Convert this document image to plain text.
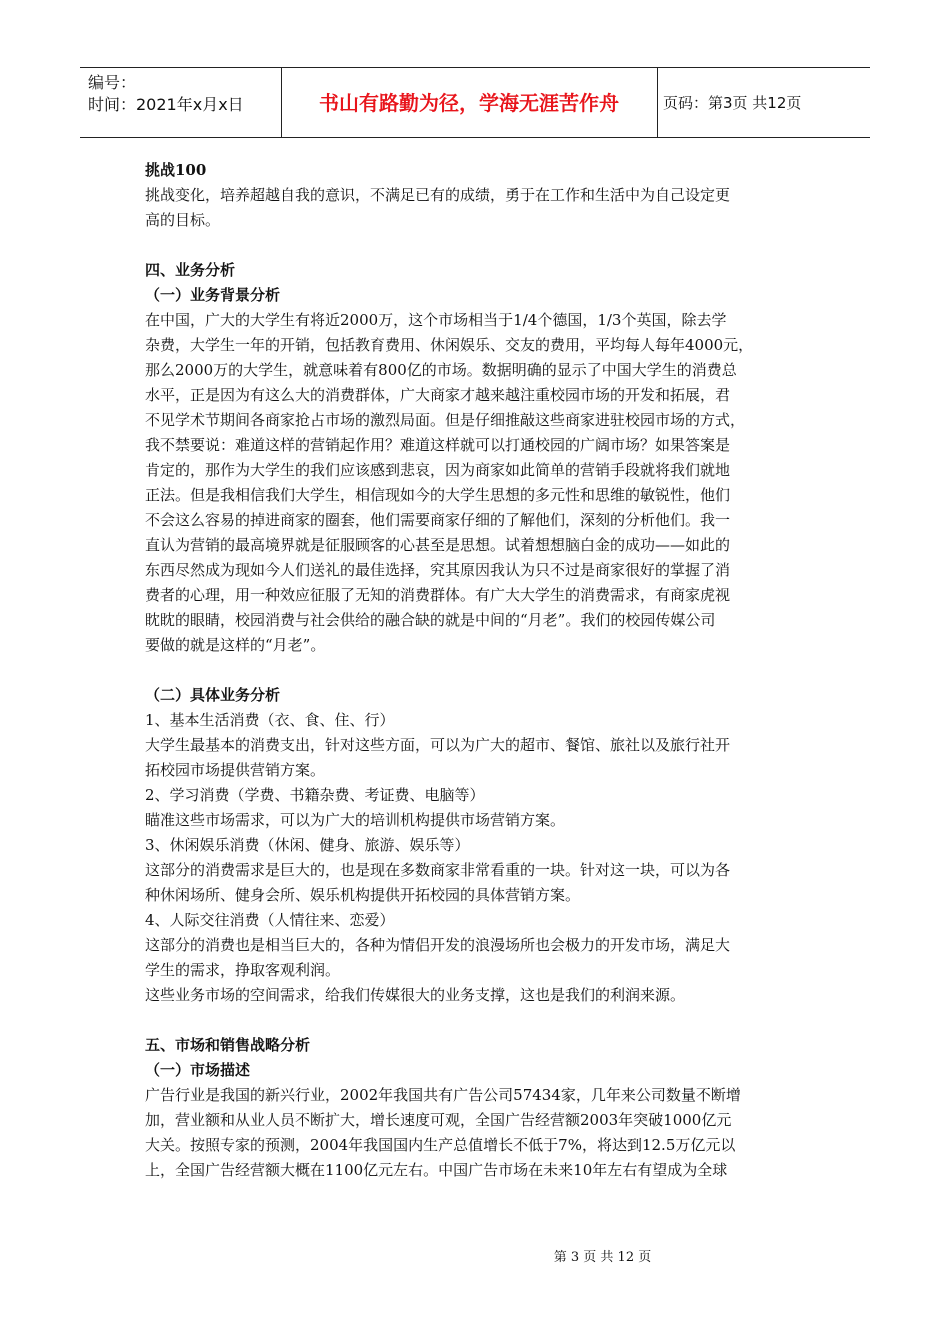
编号：
时间：2021年x月x日	书山有路勤为径，学海无涯苦作舟	页码：第3页 共12页

挑战100

挑战变化，培养超越自我的意识，不满足已有的成绩，勇于在工作和生活中为自己设定更

高的目标。

四、业务分析

（一）业务背景分析

在中国，广大的大学生有将近2000万，这个市场相当于1/4个德国，1/3个英国，除去学

杂费，大学生一年的开销，包括教育费用、休闲娱乐、交友的费用，平均每人每年4000元，

那么2000万的大学生，就意味着有800亿的市场。数据明确的显示了中国大学生的消费总

水平，正是因为有这么大的消费群体，广大商家才越来越注重校园市场的开发和拓展，君

不见学术节期间各商家抢占市场的激烈局面。但是仔细推敲这些商家进驻校园市场的方式，

我不禁要说：难道这样的营销起作用？难道这样就可以打通校园的广阔市场？如果答案是

肯定的，那作为大学生的我们应该感到悲哀，因为商家如此简单的营销手段就将我们就地

正法。但是我相信我们大学生，相信现如今的大学生思想的多元性和思维的敏锐性，他们

不会这么容易的掉进商家的圈套，他们需要商家仔细的了解他们，深刻的分析他们。我一

直认为营销的最高境界就是征服顾客的心甚至是思想。试着想想脑白金的成功——如此的

东西尽然成为现如今人们送礼的最佳选择，究其原因我认为只不过是商家很好的掌握了消

费者的心理，用一种效应征服了无知的消费群体。有广大大学生的消费需求，有商家虎视

眈眈的眼睛，校园消费与社会供给的融合缺的就是中间的“月老”。我们的校园传媒公司

要做的就是这样的“月老”。

（二）具体业务分析

1、基本生活消费（衣、食、住、行）

大学生最基本的消费支出，针对这些方面，可以为广大的超市、餐馆、旅社以及旅行社开

拓校园市场提供营销方案。

2、学习消费（学费、书籍杂费、考证费、电脑等）

瞄准这些市场需求，可以为广大的培训机构提供市场营销方案。

3、休闲娱乐消费（休闲、健身、旅游、娱乐等）

这部分的消费需求是巨大的，也是现在多数商家非常看重的一块。针对这一块，可以为各

种休闲场所、健身会所、娱乐机构提供开拓校园的具体营销方案。

4、人际交往消费（人情往来、恋爱）

这部分的消费也是相当巨大的，各种为情侣开发的浪漫场所也会极力的开发市场，满足大

学生的需求，挣取客观利润。

这些业务市场的空间需求，给我们传媒很大的业务支撑，这也是我们的利润来源。

五、市场和销售战略分析

（一）市场描述

广告行业是我国的新兴行业，2002年我国共有广告公司57434家，几年来公司数量不断增

加，营业额和从业人员不断扩大，增长速度可观，全国广告经营额2003年突破1000亿元

大关。按照专家的预测，2004年我国国内生产总值增长不低于7%，将达到12.5万亿元以

上，全国广告经营额大概在1100亿元左右。中国广告市场在未来10年左右有望成为全球

第 3 页 共 12 页
